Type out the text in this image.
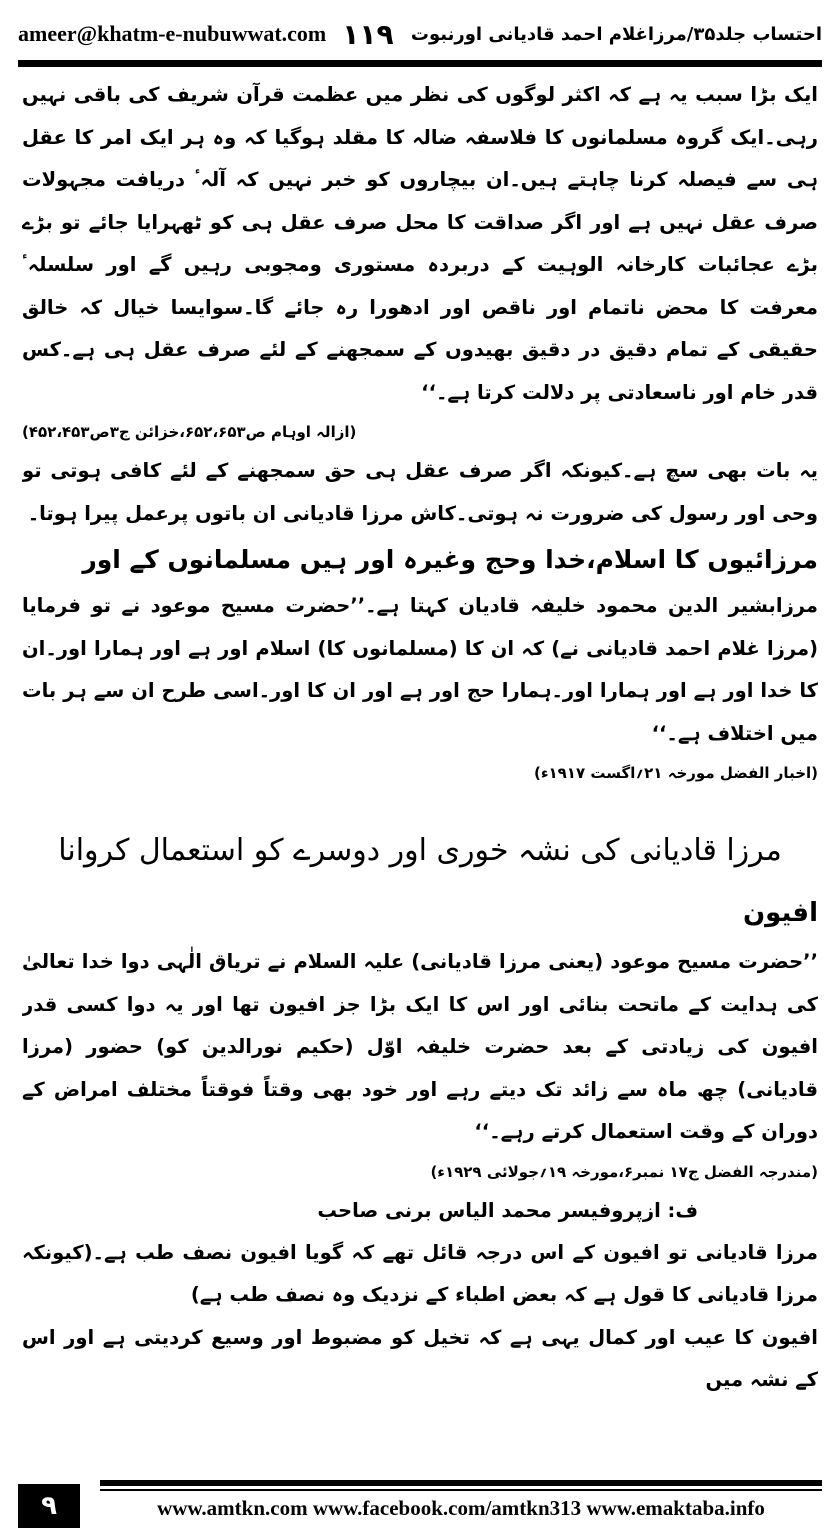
ameer@khatm-e-nubuwwat.com ١١٩ احتساب جلد۳۵/مرزاغلام احمد قادیانی اورنبوت

ایک بڑا سبب یہ ہے کہ اکثر لوگوں کی نظر میں عظمت قرآن شریف کی باقی نہیں رہی۔ایک گروہ مسلمانوں کا فلاسفہ ضالہ کا مقلد ہوگیا کہ وہ ہر ایک امر کا عقل ہی سے فیصلہ کرنا چاہتے ہیں۔ان بیچاروں کو خبر نہیں کہ آلہٴ دریافت مجہولات صرف عقل نہیں ہے اور اگر صداقت کا محل صرف عقل ہی کو ٹھہرایا جائے تو بڑے بڑے عجائبات کارخانہ الوہیت کے دربردہ مستوری ومجوبی رہیں گے اور سلسلہٴ معرفت کا محض ناتمام اور ناقص اور ادھورا رہ جائے گا۔سوایسا خیال کہ خالق حقیقی کے تمام دقیق در دقیق بھیدوں کے سمجھنے کے لئے صرف عقل ہی ہے۔کس قدر خام اور ناسعادتی پر دلالت کرتا ہے۔‘‘

(ازالہ اوہام ص۶۵۲،۶۵۳،خزائن ج۳ص۴۵۲،۴۵۳)

یہ بات بھی سچ ہے۔کیونکہ اگر صرف عقل ہی حق سمجھنے کے لئے کافی ہوتی تو وحی اور رسول کی ضرورت نہ ہوتی۔کاش مرزا قادیانی ان باتوں پرعمل پیرا ہوتا۔

مرزائیوں کا اسلام،خدا وحج وغیرہ اور ہیں مسلمانوں کے اور

مرزابشیر الدین محمود خلیفہ قادیان کہتا ہے۔’’حضرت مسیح موعود نے تو فرمایا (مرزا غلام احمد قادیانی نے) کہ ان کا (مسلمانوں کا) اسلام اور ہے اور ہمارا اور۔ان کا خدا اور ہے اور ہمارا اور۔ہمارا حج اور ہے اور ان کا اور۔اسی طرح ان سے ہر بات میں اختلاف ہے۔‘‘

(اخبار الفضل مورخہ ۲۱؍اگست ۱۹۱۷ء)

مرزا قادیانی کی نشہ خوری اور دوسرے کو استعمال کروانا

افیون

’’حضرت مسیح موعود (یعنی مرزا قادیانی) علیہ السلام نے تریاق الٰہی دوا خدا تعالیٰ کی ہدایت کے ماتحت بنائی اور اس کا ایک بڑا جز افیون تھا اور یہ دوا کسی قدر افیون کی زیادتی کے بعد حضرت خلیفہ اوّل (حکیم نورالدین کو) حضور (مرزا قادیانی) چھ ماہ سے زائد تک دیتے رہے اور خود بھی وقتاً فوقتاً مختلف امراض کے دوران کے وقت استعمال کرتے رہے۔‘‘

(مندرجہ الفضل ج۱۷ نمبر۶،مورخہ ۱۹؍جولائی ۱۹۲۹ء)

ف: ازپروفیسر محمد الیاس برنی صاحب

مرزا قادیانی تو افیون کے اس درجہ قائل تھے کہ گویا افیون نصف طب ہے۔(کیونکہ مرزا قادیانی کا قول ہے کہ بعض اطباء کے نزدیک وہ نصف طب ہے)

افیون کا عیب اور کمال یہی ہے کہ تخیل کو مضبوط اور وسیع کردیتی ہے اور اس کے نشہ میں

۹	www.amtkn.com www.facebook.com/amtkn313 www.emaktaba.info
